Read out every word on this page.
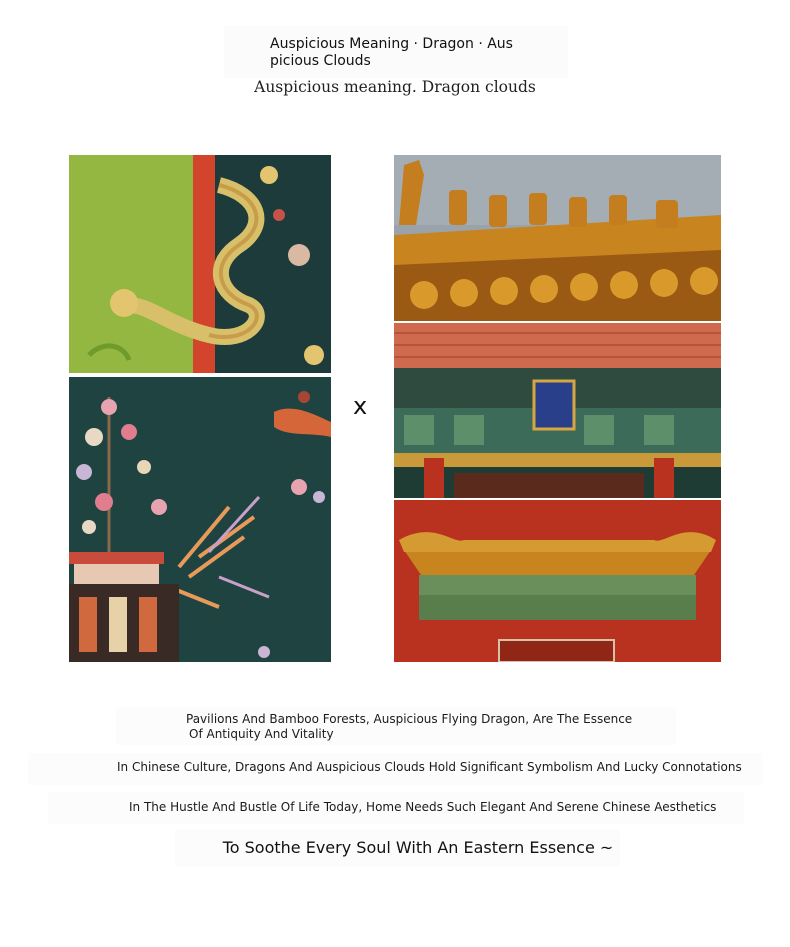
Auspicious Meaning · Dragon · Aus
picious Clouds
Auspicious meaning. Dragon clouds
x
Pavilions And Bamboo Forests, Auspicious Flying Dragon, Are The Essence
Of Antiquity And Vitality
In Chinese Culture, Dragons And Auspicious Clouds Hold Significant Symbolism And Lucky Connotations
In The Hustle And Bustle Of Life Today, Home Needs Such Elegant And Serene Chinese Aesthetics
To Soothe Every Soul With An Eastern Essence ~
